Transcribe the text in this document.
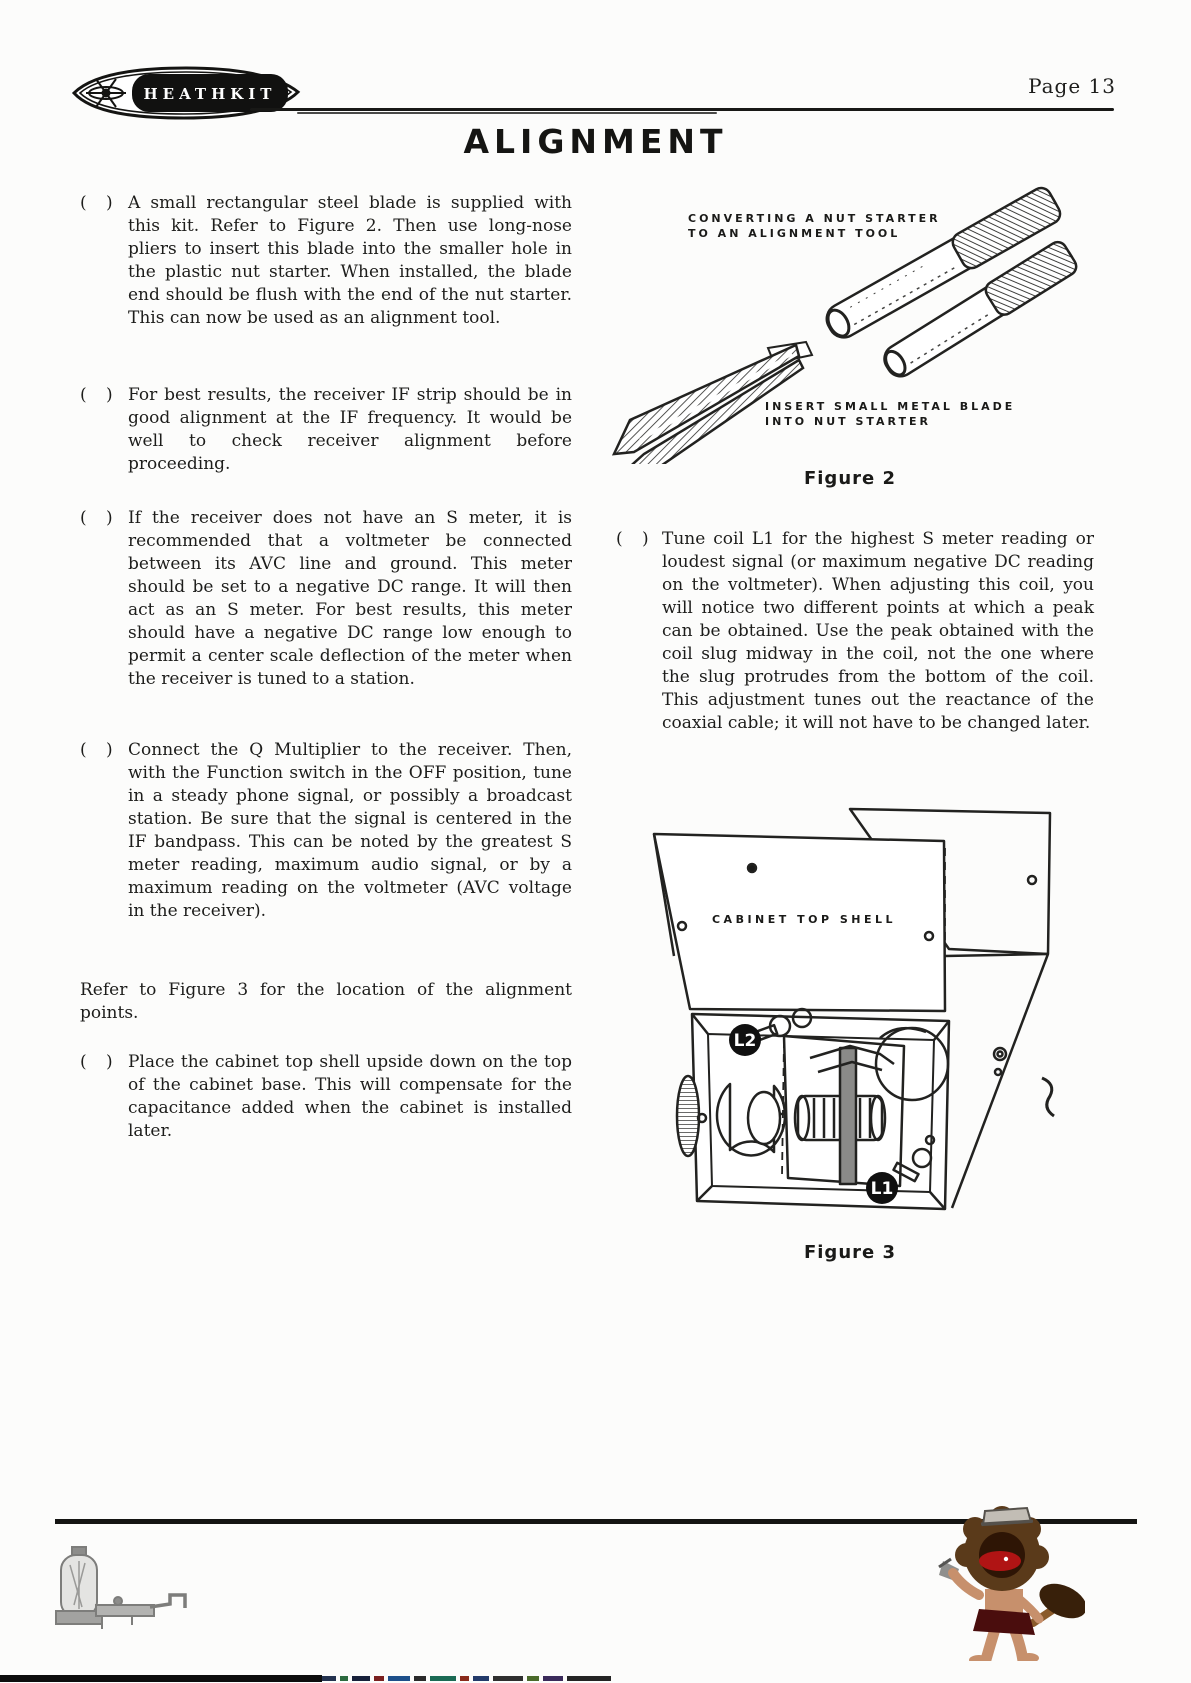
HEATHKIT	Page 13
ALIGNMENT
( ) A small rectangular steel blade is supplied with this kit. Refer to Figure 2. Then use long-nose pliers to insert this blade into the smaller hole in the plastic nut starter. When installed, the blade end should be flush with the end of the nut starter. This can now be used as an alignment tool.
( ) For best results, the receiver IF strip should be in good alignment at the IF frequency. It would be well to check receiver alignment before proceeding.
( ) If the receiver does not have an S meter, it is recommended that a voltmeter be connected between its AVC line and ground. This meter should be set to a negative DC range. It will then act as an S meter. For best results, this meter should have a negative DC range low enough to permit a center scale deflection of the meter when the receiver is tuned to a station.
( ) Connect the Q Multiplier to the receiver. Then, with the Function switch in the OFF position, tune in a steady phone signal, or possibly a broadcast station. Be sure that the signal is centered in the IF bandpass. This can be noted by the greatest S meter reading, maximum audio signal, or by a maximum reading on the voltmeter (AVC voltage in the receiver).
Refer to Figure 3 for the location of the alignment points.
( ) Place the cabinet top shell upside down on the top of the cabinet base. This will compensate for the capacitance added when the cabinet is installed later.
CONVERTING A NUT STARTER
TO AN ALIGNMENT TOOL
INSERT SMALL METAL BLADE
INTO NUT STARTER
Figure 2
( ) Tune coil L1 for the highest S meter reading or loudest signal (or maximum negative DC reading on the voltmeter). When adjusting this coil, you will notice two different points at which a peak can be obtained. Use the peak obtained with the coil slug midway in the coil, not the one where the slug protrudes from the bottom of the coil. This adjustment tunes out the reactance of the coaxial cable; it will not have to be changed later.
CABINET TOP SHELL
L2
L1
Figure 3
